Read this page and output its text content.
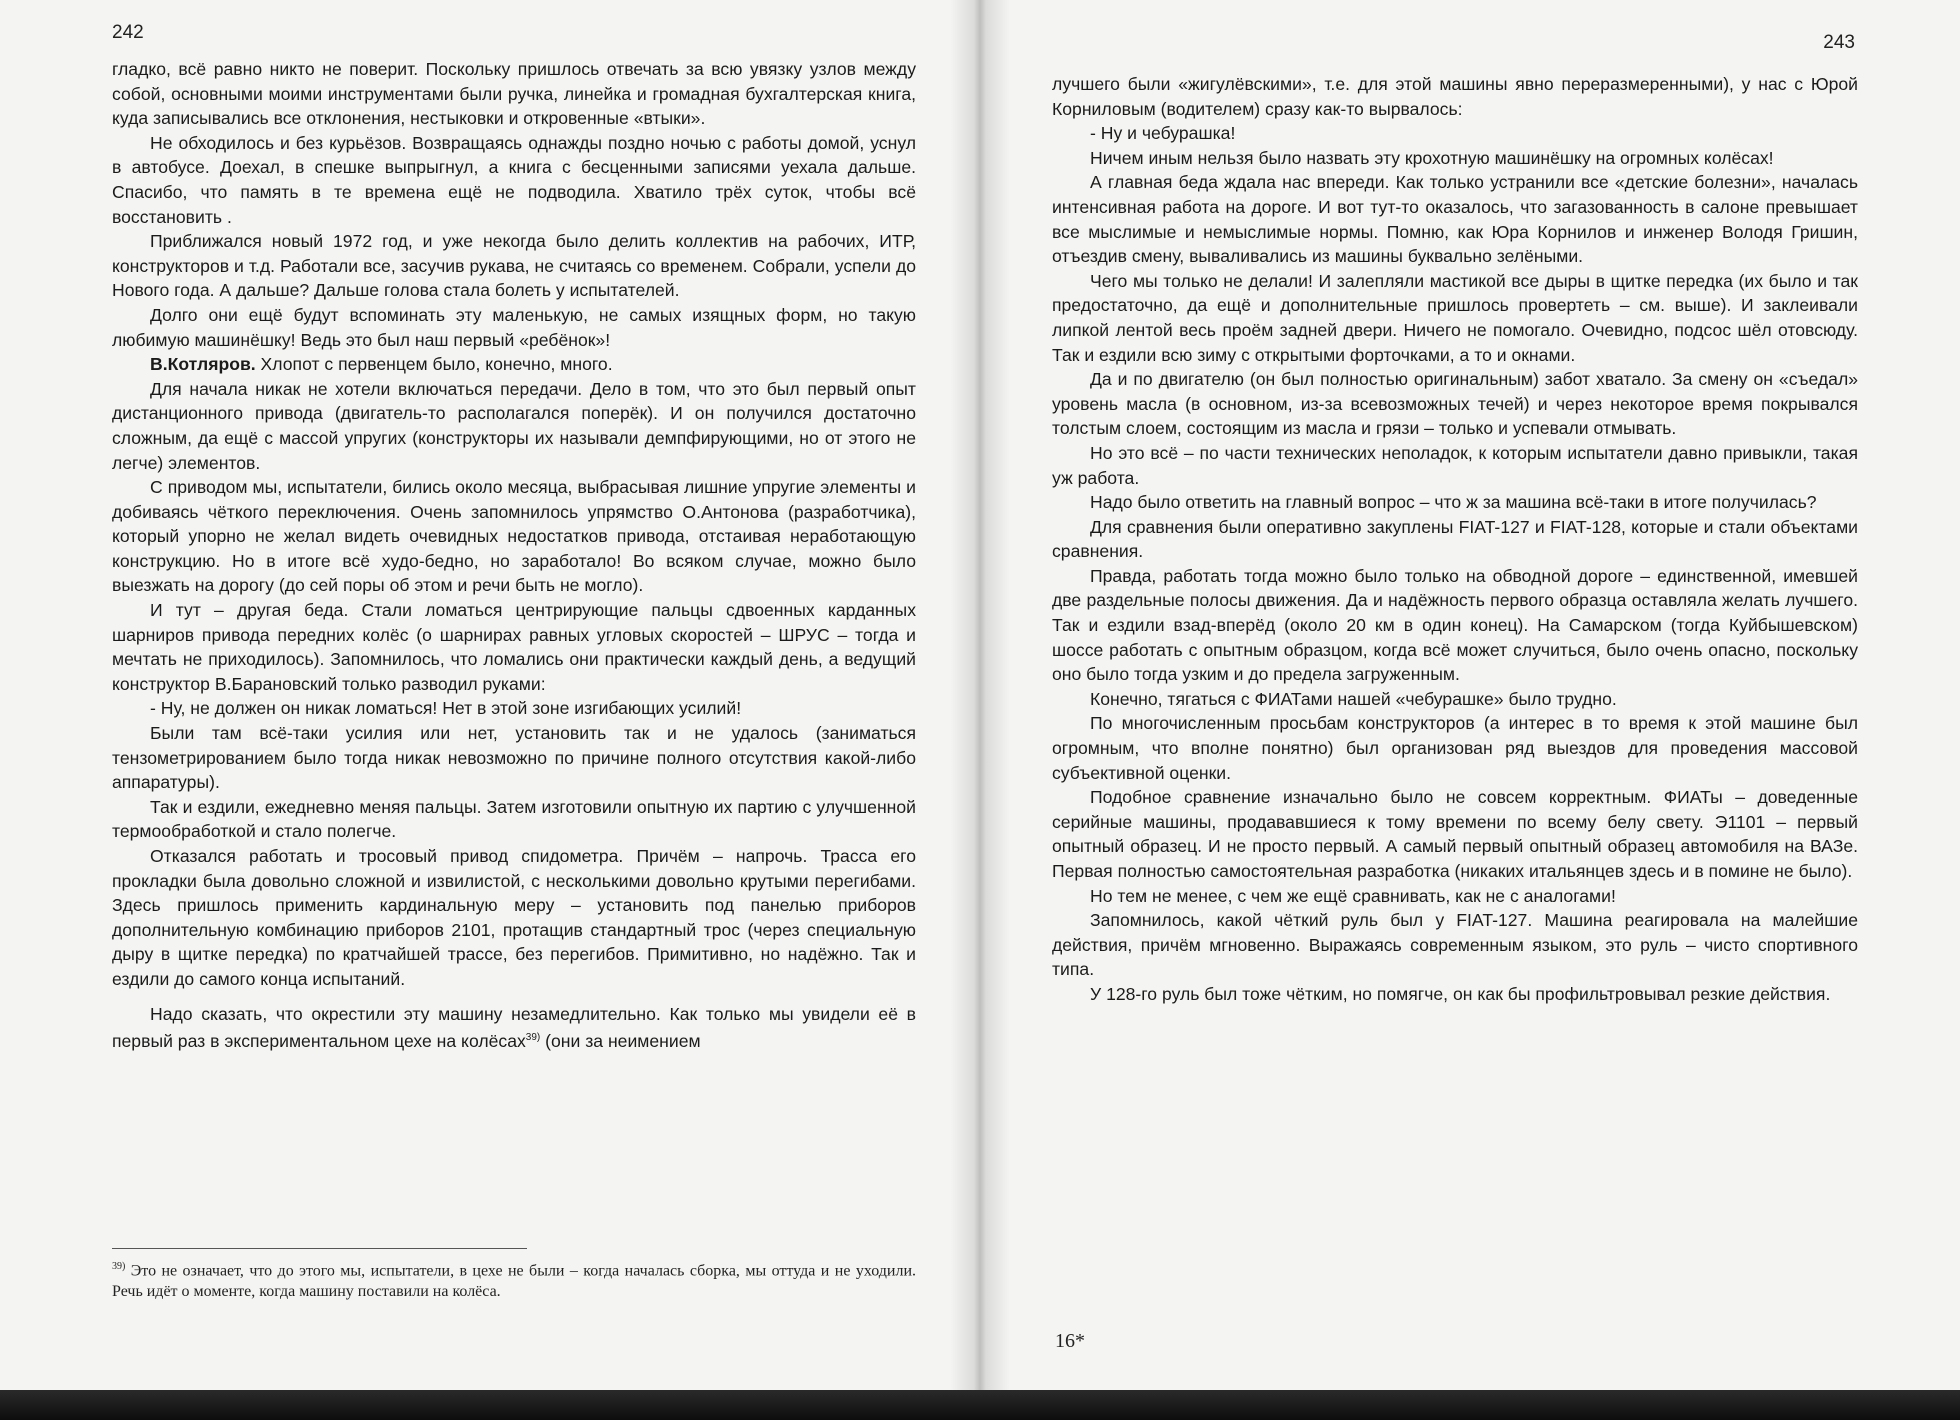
242

гладко, всё равно никто не поверит. Поскольку пришлось отвечать за всю увязку узлов между собой, основными моими инструментами были ручка, линейка и громадная бухгалтерская книга, куда записывались все отклонения, нестыковки и откровенные «втыки».

Не обходилось и без курьёзов. Возвращаясь однажды поздно ночью с работы домой, уснул в автобусе. Доехал, в спешке выпрыгнул, а книга с бесценными записями уехала дальше. Спасибо, что память в те времена ещё не подводила. Хватило трёх суток, чтобы всё восстановить .

Приближался новый 1972 год, и уже некогда было делить коллектив на рабочих, ИТР, конструкторов и т.д. Работали все, засучив рукава, не считаясь со временем. Собрали, успели до Нового года. А дальше? Дальше голова стала болеть у испытателей.

Долго они ещё будут вспоминать эту маленькую, не самых изящных форм, но такую любимую машинёшку! Ведь это был наш первый «ребёнок»!

В.Котляров. Хлопот с первенцем было, конечно, много.

Для начала никак не хотели включаться передачи. Дело в том, что это был первый опыт дистанционного привода (двигатель-то располагался поперёк). И он получился достаточно сложным, да ещё с массой упругих (конструкторы их называли демпфирующими, но от этого не легче) элементов.

С приводом мы, испытатели, бились около месяца, выбрасывая лишние упругие элементы и добиваясь чёткого переключения. Очень запомнилось упрямство О.Антонова (разработчика), который упорно не желал видеть очевидных недостатков привода, отстаивая неработающую конструкцию. Но в итоге всё худо-бедно, но заработало! Во всяком случае, можно было выезжать на дорогу (до сей поры об этом и речи быть не могло).

И тут – другая беда. Стали ломаться центрирующие пальцы сдвоенных карданных шарниров привода передних колёс (о шарнирах равных угловых скоростей – ШРУС – тогда и мечтать не приходилось). Запомнилось, что ломались они практически каждый день, а ведущий конструктор В.Барановский только разводил руками:

- Ну, не должен он никак ломаться! Нет в этой зоне изгибающих усилий!

Были там всё-таки усилия или нет, установить так и не удалось (заниматься тензометрированием было тогда никак невозможно по причине полного отсутствия какой-либо аппаратуры).

Так и ездили, ежедневно меняя пальцы. Затем изготовили опытную их партию с улучшенной термообработкой и стало полегче.

Отказался работать и тросовый привод спидометра. Причём – напрочь. Трасса его прокладки была довольно сложной и извилистой, с несколькими довольно крутыми перегибами. Здесь пришлось применить кардинальную меру – установить под панелью приборов дополнительную комбинацию приборов 2101, протащив стандартный трос (через специальную дыру в щитке передка) по кратчайшей трассе, без перегибов. Примитивно, но надёжно. Так и ездили до самого конца испытаний.

Надо сказать, что окрестили эту машину незамедлительно. Как только мы увидели её в первый раз в экспериментальном цехе на колёсах$^{39)}$ (они за неимением

$^{39)}$ Это не означает, что до этого мы, испытатели, в цехе не были – когда началась сборка, мы оттуда и не уходили. Речь идёт о моменте, когда машину поставили на колёса.
243

лучшего были «жигулёвскими», т.е. для этой машины явно переразмеренными), у нас с Юрой Корниловым (водителем) сразу как-то вырвалось:

- Ну и чебурашка!

Ничем иным нельзя было назвать эту крохотную машинёшку на огромных колёсах!

А главная беда ждала нас впереди. Как только устранили все «детские болезни», началась интенсивная работа на дороге. И вот тут-то оказалось, что загазованность в салоне превышает все мыслимые и немыслимые нормы. Помню, как Юра Корнилов и инженер Володя Гришин, отъездив смену, вываливались из машины буквально зелёными.

Чего мы только не делали! И залепляли мастикой все дыры в щитке передка (их было и так предостаточно, да ещё и дополнительные пришлось провертеть – см. выше). И заклеивали липкой лентой весь проём задней двери. Ничего не помогало. Очевидно, подсос шёл отовсюду. Так и ездили всю зиму с открытыми форточками, а то и окнами.

Да и по двигателю (он был полностью оригинальным) забот хватало. За смену он «съедал» уровень масла (в основном, из-за всевозможных течей) и через некоторое время покрывался толстым слоем, состоящим из масла и грязи – только и успевали отмывать.

Но это всё – по части технических неполадок, к которым испытатели давно привыкли, такая уж работа.

Надо было ответить на главный вопрос – что ж за машина всё-таки в итоге получилась?

Для сравнения были оперативно закуплены FIAT-127 и FIAT-128, которые и стали объектами сравнения.

Правда, работать тогда можно было только на обводной дороге – единственной, имевшей две раздельные полосы движения. Да и надёжность первого образца оставляла желать лучшего. Так и ездили взад-вперёд (около 20 км в один конец). На Самарском (тогда Куйбышевском) шоссе работать с опытным образцом, когда всё может случиться, было очень опасно, поскольку оно было тогда узким и до предела загруженным.

Конечно, тягаться с ФИАТами нашей «чебурашке» было трудно.

По многочисленным просьбам конструкторов (а интерес в то время к этой машине был огромным, что вполне понятно) был организован ряд выездов для проведения массовой субъективной оценки.

Подобное сравнение изначально было не совсем корректным. ФИАТы – доведенные серийные машины, продававшиеся к тому времени по всему белу свету. Э1101 – первый опытный образец. И не просто первый. А самый первый опытный образец автомобиля на ВАЗе. Первая полностью самостоятельная разработка (никаких итальянцев здесь и в помине не было).

Но тем не менее, с чем же ещё сравнивать, как не с аналогами!

Запомнилось, какой чёткий руль был у FIAT-127. Машина реагировала на малейшие действия, причём мгновенно. Выражаясь современным языком, это руль – чисто спортивного типа.

У 128-го руль был тоже чётким, но помягче, он как бы профильтровывал резкие действия.

16*
